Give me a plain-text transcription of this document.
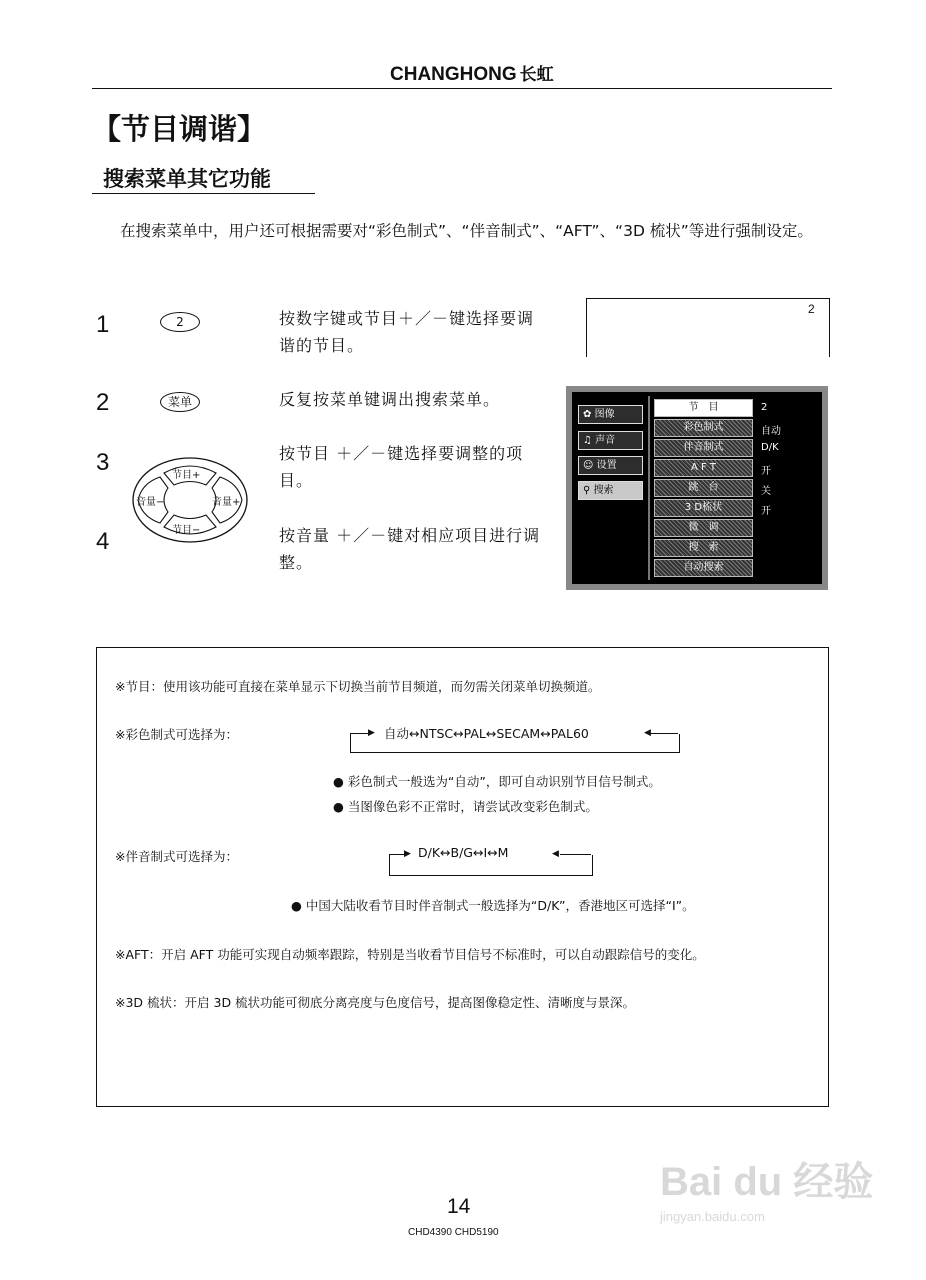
CHANGHONG 长虹
【节目调谐】
搜索菜单其它功能
在搜索菜单中，用户还可根据需要对“彩色制式”、“伴音制式”、“AFT”、“3D 梳状”等进行强制设定。
1	2	按数字键或节目＋／－键选择要调谐的节目。
2
2	菜单	反复按菜单键调出搜索菜单。
3	按节目 ＋／－键选择要调整的项目。
节目+
节目−
音量−	音量+
4	按音量 ＋／－键对相应项目进行调整。
✿ 图像
♫ 声音
☺ 设置
⚲ 搜索
节　目
彩色制式
伴音制式
A F T
跳　台
3 D梳状
微　调
搜　索
自动搜索
2
自动
D/K
开
关
开
※节目：使用该功能可直接在菜单显示下切换当前节目频道，而勿需关闭菜单切换频道。
※彩色制式可选择为：	▶	◀
自动↔NTSC↔PAL↔SECAM↔PAL60
● 彩色制式一般选为“自动”，即可自动识别节目信号制式。
● 当图像色彩不正常时，请尝试改变彩色制式。
※伴音制式可选择为：	▶	◀
D/K↔B/G↔I↔M
● 中国大陆收看节目时伴音制式一般选择为“D/K”，香港地区可选择“I”。
※AFT：开启 AFT 功能可实现自动频率跟踪，特别是当收看节目信号不标准时，可以自动跟踪信号的变化。
※3D 梳状：开启 3D 梳状功能可彻底分离亮度与色度信号，提高图像稳定性、清晰度与景深。
14
CHD4390 CHD5190
Bai du 经验
jingyan.baidu.com
